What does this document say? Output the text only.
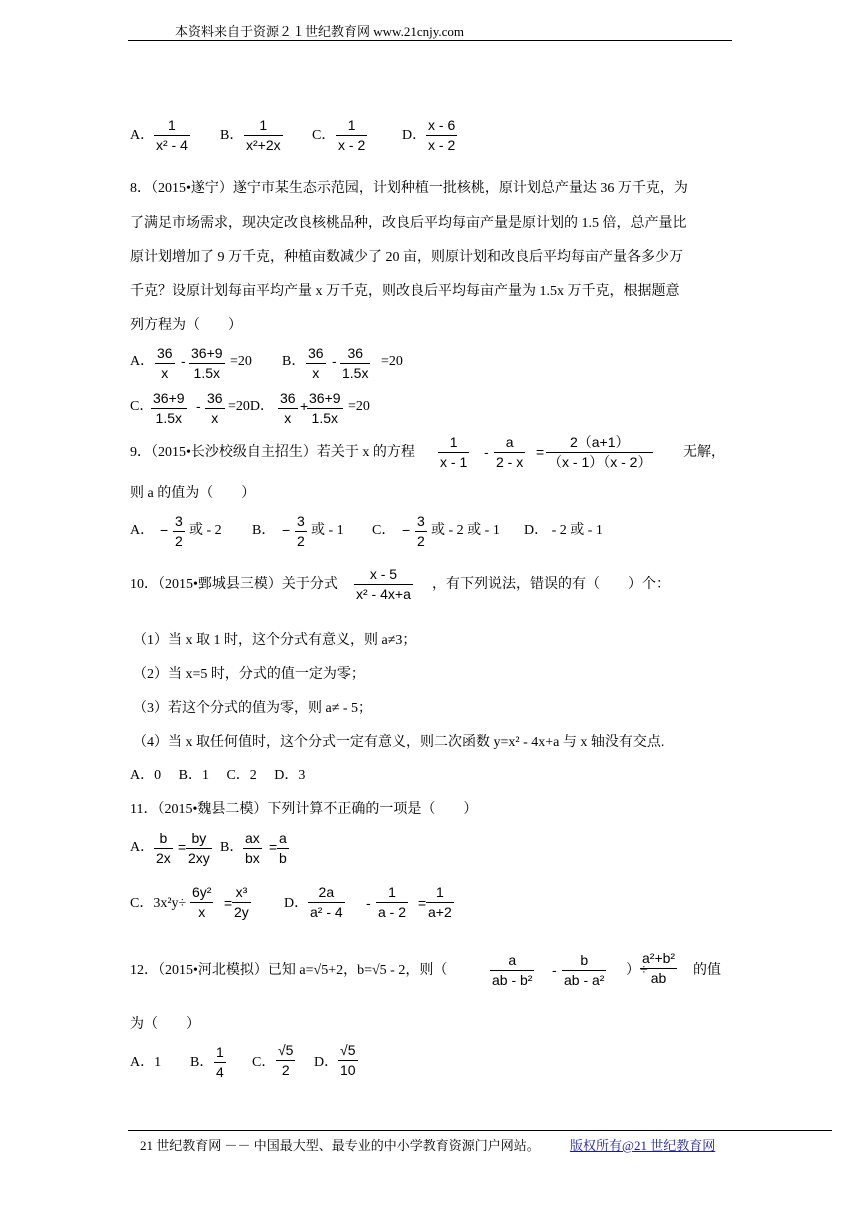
本资料来自于资源２１世纪教育网 www.21cnjy.com
A．
1
x² - 4
B．
1
x²+2x
C．
1
x - 2
D．
x - 6
x - 2
8．（2015•遂宁）遂宁市某生态示范园，计划种植一批核桃，原计划总产量达 36 万千克，为
了满足市场需求，现决定改良核桃品种，改良后平均每亩产量是原计划的 1.5 倍，总产量比
原计划增加了 9 万千克，种植亩数减少了 20 亩，则原计划和改良后平均每亩产量各多少万
千克？设原计划每亩平均产量 x 万千克，则改良后平均每亩产量为 1.5x 万千克，根据题意
列方程为（　　）
A．
36
x
- 36+9
1.5x
=20 B．
36
x
- 36
1.5x
=20
C．
36+9
1.5x
- 36
x
=20D．
36
x
+ 36+9
1.5x
=20
9．（2015•长沙校级自主招生）若关于 x 的方程
1
x - 1
-
a
2 - x
=
2（a+1）
（x - 1）（x - 2）
无解，
则 a 的值为（　　）
A． −
3
2
或 - 2 B． −
3
2
或 - 1 C． −
3
2
或 - 2 或 - 1 D． - 2 或 - 1
10．（2015•鄄城县三模）关于分式
x - 5
x² - 4x+a
，有下列说法，错误的有（　　）个：
（1）当 x 取 1 时，这个分式有意义，则 a≠3；
（2）当 x=5 时，分式的值一定为零；
（3）若这个分式的值为零，则 a≠ - 5；
（4）当 x 取任何值时，这个分式一定有意义，则二次函数 y=x² - 4x+a 与 x 轴没有交点.
A．0　 B．1　 C．2　 D．3
11．（2015•魏县二模）下列计算不正确的一项是（　　）
A．
b
2x
=
by
2xy
B．
ax
bx
=
a
b
C．3x²y÷
6y²
x
=
x³
2y
D．
2a
a² - 4
-
1
a - 2
=
1
a+2
12．（2015•河北模拟）已知 a=√5+2，b=√5 - 2，则（
a
ab - b²
-
b
ab - a²
）÷
a²+b²
ab 的值
为（　　）
A．1 B．
1
4
C．
√5
2 D．
√5
10
21 世纪教育网 －－ 中国最大型、最专业的中小学教育资源门户网站。 版权所有@21 世纪教育网
